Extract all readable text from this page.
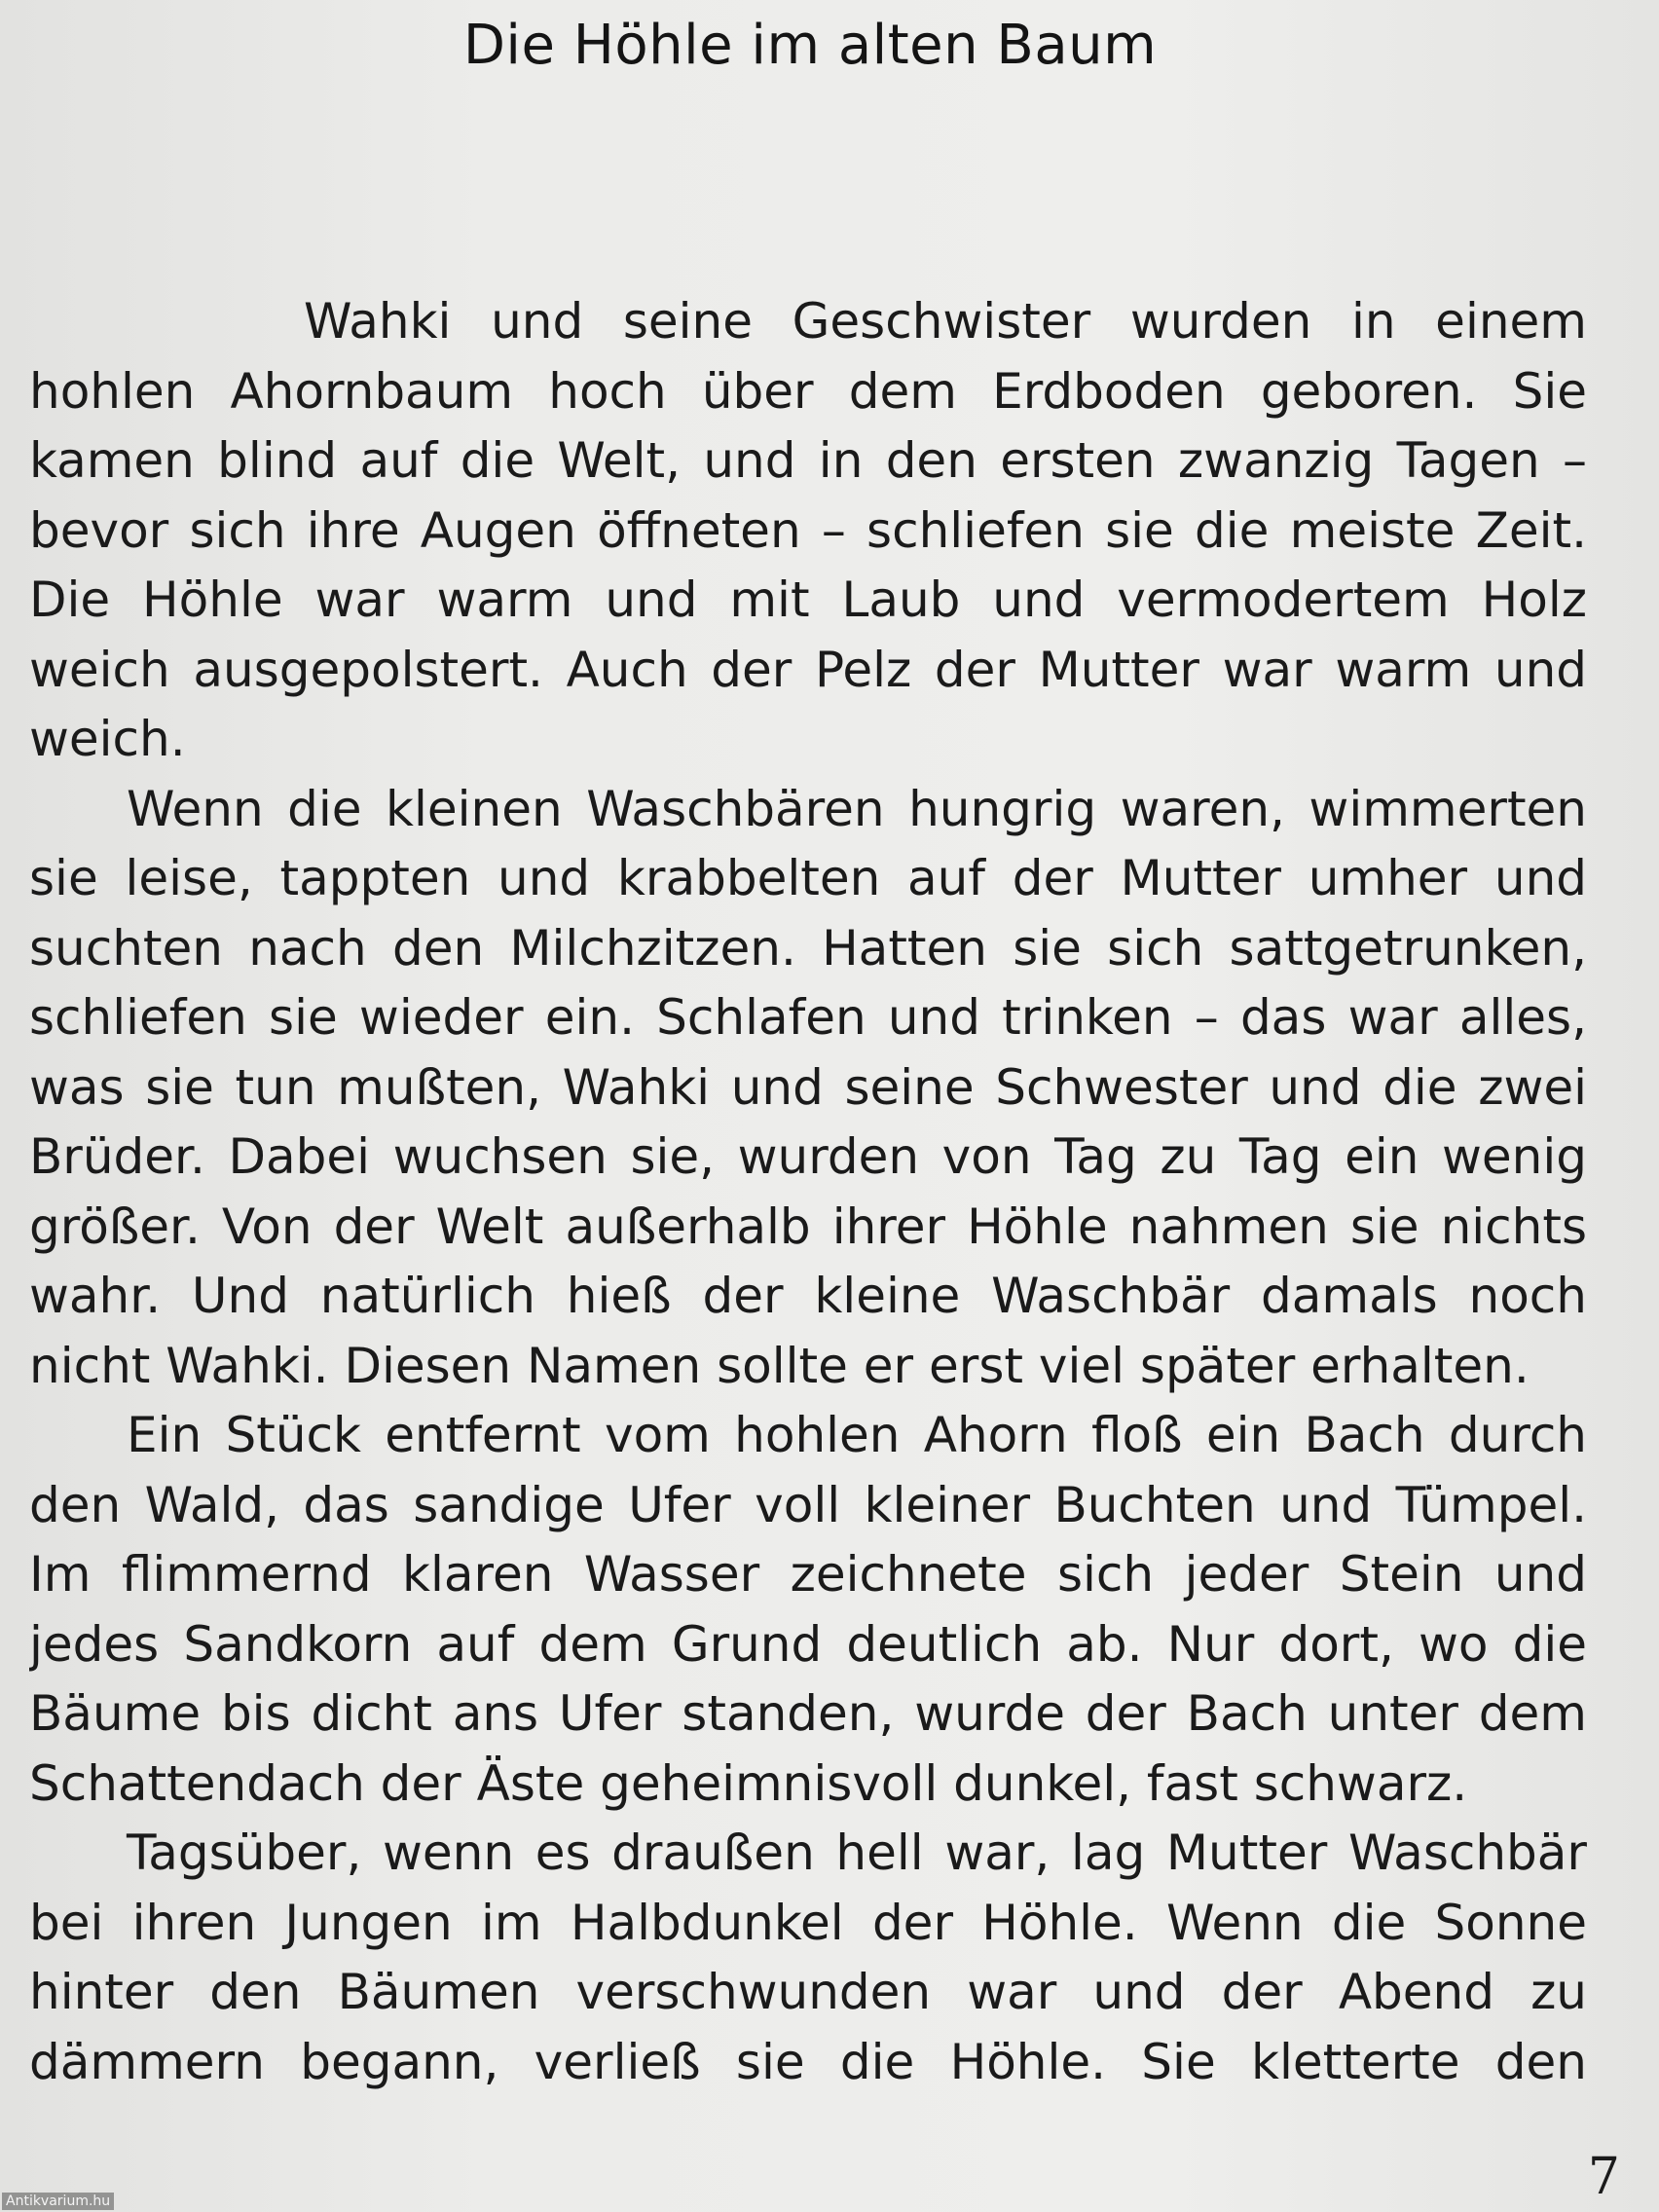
Die Höhle im alten Baum
Wahki und seine Geschwister wurden in einem
hohlen Ahornbaum hoch über dem Erdboden geboren. Sie
kamen blind auf die Welt, und in den ersten zwanzig Tagen –
bevor sich ihre Augen öffneten – schliefen sie die meiste Zeit.
Die Höhle war warm und mit Laub und vermodertem Holz
weich ausgepolstert. Auch der Pelz der Mutter war warm und
weich.
Wenn die kleinen Waschbären hungrig waren, wimmerten
sie leise, tappten und krabbelten auf der Mutter umher und
suchten nach den Milchzitzen. Hatten sie sich sattgetrunken,
schliefen sie wieder ein. Schlafen und trinken – das war alles,
was sie tun mußten, Wahki und seine Schwester und die zwei
Brüder. Dabei wuchsen sie, wurden von Tag zu Tag ein wenig
größer. Von der Welt außerhalb ihrer Höhle nahmen sie nichts
wahr. Und natürlich hieß der kleine Waschbär damals noch
nicht Wahki. Diesen Namen sollte er erst viel später erhalten.
Ein Stück entfernt vom hohlen Ahorn floß ein Bach durch
den Wald, das sandige Ufer voll kleiner Buchten und Tümpel.
Im flimmernd klaren Wasser zeichnete sich jeder Stein und
jedes Sandkorn auf dem Grund deutlich ab. Nur dort, wo die
Bäume bis dicht ans Ufer standen, wurde der Bach unter dem
Schattendach der Äste geheimnisvoll dunkel, fast schwarz.
Tagsüber, wenn es draußen hell war, lag Mutter Waschbär
bei ihren Jungen im Halbdunkel der Höhle. Wenn die Sonne
hinter den Bäumen verschwunden war und der Abend zu
dämmern begann, verließ sie die Höhle. Sie kletterte den
7
Antikvarium.hu
